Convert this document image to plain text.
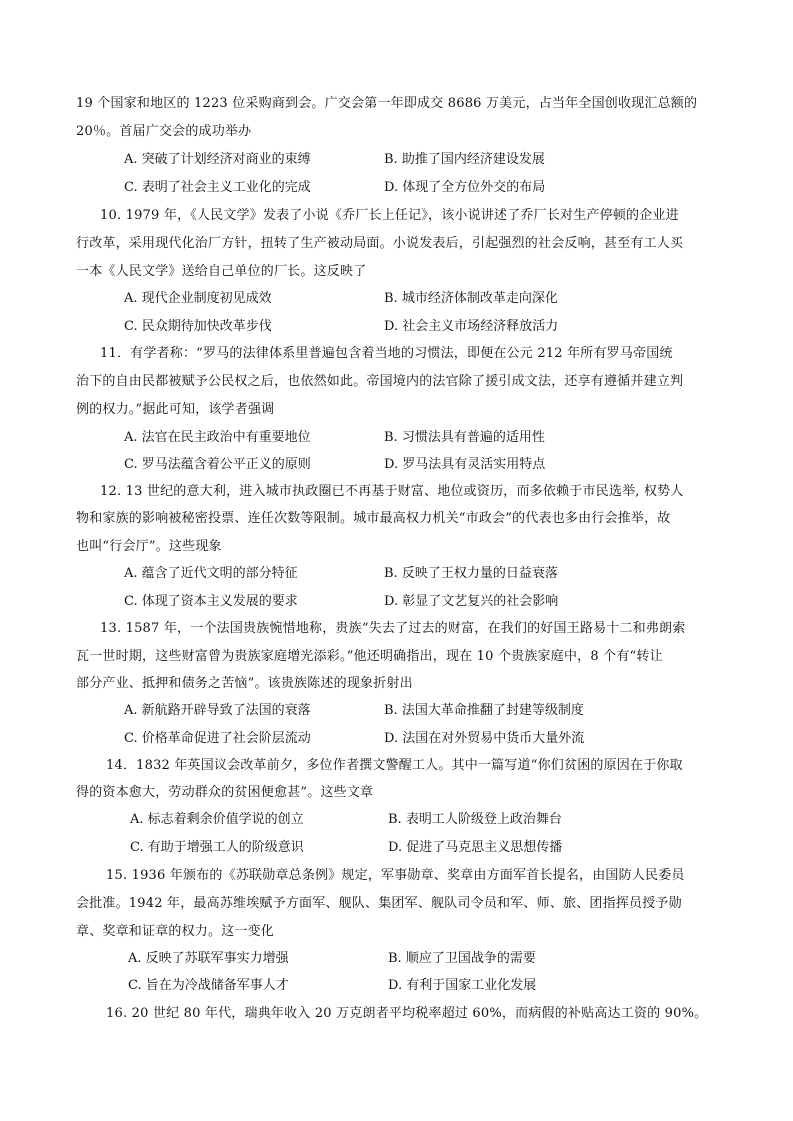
19 个国家和地区的 1223 位采购商到会。广交会第一年即成交 8686 万美元，占当年全国创收现汇总额的
20％。首届广交会的成功举办
A. 突破了计划经济对商业的束缚	B. 助推了国内经济建设发展
C. 表明了社会主义工业化的完成	D. 体现了全方位外交的布局
10. 1979 年，《人民文学》发表了小说《乔厂长上任记》，该小说讲述了乔厂长对生产停顿的企业进
行改革，采用现代化治厂方针，扭转了生产被动局面。小说发表后，引起强烈的社会反响，甚至有工人买
一本《人民文学》送给自己单位的厂长。这反映了
A. 现代企业制度初见成效	B. 城市经济体制改革走向深化
C. 民众期待加快改革步伐	D. 社会主义市场经济释放活力
11．有学者称：“罗马的法律体系里普遍包含着当地的习惯法，即便在公元 212 年所有罗马帝国统
治下的自由民都被赋予公民权之后，也依然如此。帝国境内的法官除了援引成文法，还享有遵循并建立判
例的权力。”据此可知，该学者强调
A. 法官在民主政治中有重要地位	B. 习惯法具有普遍的适用性
C. 罗马法蕴含着公平正义的原则	D. 罗马法具有灵活实用特点
12. 13 世纪的意大利，进入城市执政圈已不再基于财富、地位或资历，而多依赖于市民选举, 权势人
物和家族的影响被秘密投票、连任次数等限制。城市最高权力机关“市政会”的代表也多由行会推举，故
也叫“行会厅”。这些现象
A. 蕴含了近代文明的部分特征	B. 反映了王权力量的日益衰落
C. 体现了资本主义发展的要求	D. 彰显了文艺复兴的社会影响
13. 1587 年，一个法国贵族惋惜地称，贵族“失去了过去的财富，在我们的好国王路易十二和弗朗索
瓦一世时期，这些财富曾为贵族家庭增光添彩。”他还明确指出，现在 10 个贵族家庭中，8 个有“转让
部分产业、抵押和债务之苦恼”。该贵族陈述的现象折射出
A. 新航路开辟导致了法国的衰落	B. 法国大革命推翻了封建等级制度
C. 价格革命促进了社会阶层流动	D. 法国在对外贸易中货币大量外流
14．1832 年英国议会改革前夕，多位作者撰文警醒工人。其中一篇写道“你们贫困的原因在于你取
得的资本愈大，劳动群众的贫困便愈甚”。这些文章
A. 标志着剩余价值学说的创立	B. 表明工人阶级登上政治舞台
C. 有助于增强工人的阶级意识	D. 促进了马克思主义思想传播
15. 1936 年颁布的《苏联勋章总条例》规定，军事勋章、奖章由方面军首长提名，由国防人民委员
会批准。1942 年，最高苏维埃赋予方面军、舰队、集团军、舰队司令员和军、师、旅、团指挥员授予勋
章、奖章和证章的权力。这一变化
A. 反映了苏联军事实力增强	B. 顺应了卫国战争的需要
C. 旨在为冷战储备军事人才	D. 有利于国家工业化发展
16. 20 世纪 80 年代，瑞典年收入 20 万克朗者平均税率超过 60%，而病假的补贴高达工资的 90%。
